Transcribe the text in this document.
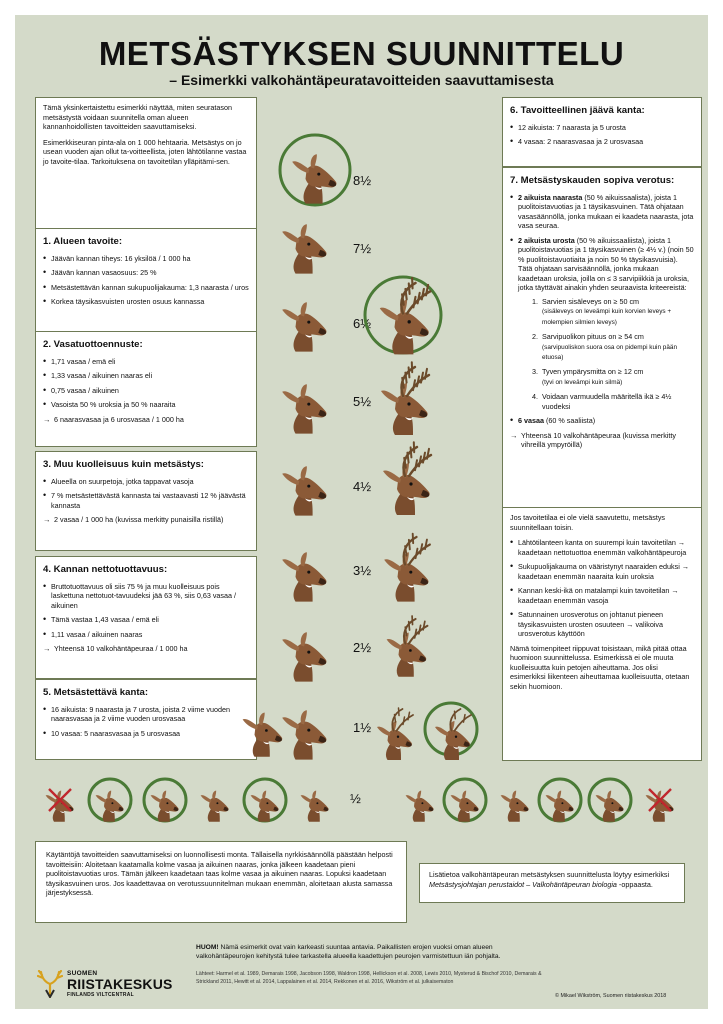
METSÄSTYKSEN SUUNNITTELU
– Esimerkki valkohäntäpeuratavoitteiden saavuttamisesta

Tämä yksinkertaistettu esimerkki näyttää, miten seuratason metsästystä voidaan suunnitella oman alueen kannanhoidollisten tavoitteiden saavuttamiseksi.

Esimerkkiseuran pinta-ala on 1 000 hehtaaria. Metsästys on jo usean vuoden ajan ollut ta-voitteellista, joten lähtötilanne vastaa jo tavoite-tilaa. Tarkoituksena on tavoitetilan ylläpitämi-sen.

1. Alueen tavoite:
• Jäävän kannan tiheys: 16 yksilöä / 1 000 ha
• Jäävän kannan vasaosuus: 25 %
• Metsästettävän kannan sukupuolijakauma: 1,3 naarasta / uros
• Korkea täysikasvuisten urosten osuus kannassa
2. Vasatuottoennuste:
• 1,71 vasaa / emä eli
• 1,33 vasaa / aikuinen naaras eli
• 0,75 vasaa / aikuinen
• Vasoista 50 % uroksia ja 50 % naaraita
→ 6 naarasvasaa ja 6 urosvasaa / 1 000 ha
3. Muu kuolleisuus kuin metsästys:
• Alueella on suurpetoja, jotka tappavat vasoja
• 7 % metsästettävästä kannasta tai vastaavasti 12 % jäävästä kannasta
→ 2 vasaa / 1 000 ha (kuvissa merkitty punaisilla ristillä)
4. Kannan nettotuottavuus:
• Bruttotuottavuus oli siis 75 % ja muu kuolleisuus pois laskettuna nettotuot-tavuudeksi jää 63 %, siis 0,63 vasaa / aikuinen
• Tämä vastaa 1,43 vasaa / emä eli
• 1,11 vasaa / aikuinen naaras
→ Yhteensä 10 valkohäntäpeuraa / 1 000 ha
5. Metsästettävä kanta:
• 16 aikuista: 9 naarasta ja 7 urosta, joista 2 viime vuoden naarasvasaa ja 2 viime vuoden urosvasaa
• 10 vasaa: 5 naarasvasaa ja 5 urosvasaa
6. Tavoitteellinen jäävä kanta:
• 12 aikuista: 7 naarasta ja 5 urosta
• 4 vasaa: 2 naarasvasaa ja 2 urosvasaa
7. Metsästyskauden sopiva verotus:
• 2 aikuista naarasta (50 % aikuissaalista), joista 1 puolitoistavuotias ja 1 täysikasvuinen. Tätä ohjataan vasasäännöllä, jonka mukaan ei kaadeta naarasta, jota vasa seuraa.
• 2 aikuista urosta (50 % aikuissaaliista), joista 1 puolitoistavuotias ja 1 täysikasvuinen (≥ 4½ v.) (noin 50 % puolitoistavuotiaita ja noin 50 % täysikasvuisia). Tätä ohjataan sarvisäännöllä, jonka mukaan kaadetaan uroksia, joilla on ≤ 3 sarvipiikkiä ja uroksia, jotka täyttävät ainakin yhden seuraavista kriteereistä:
1. Sarvien sisäleveys on ≥ 50 cm
(sisäleveys on leveämpi kuin korvien leveys + molempien silmien leveys)
2. Sarvipuolikon pituus on ≥ 54 cm
(sarvipuoliskon suora osa on pidempi kuin pään etuosa)
3. Tyven ympärysmitta on ≥ 12 cm
(tyvi on leveämpi kuin silmä)
4. Voidaan varmuudella määritellä ikä ≥ 4½ vuodeksi
• 6 vasaa (60 % saaliista)
→ Yhteensä 10 valkohäntäpeuraa (kuvissa merkitty vihreillä ympyröillä)

Jos tavoitetilaa ei ole vielä saavutettu, metsästys suunnitellaan toisin.

• Lähtötilanteen kanta on suurempi kuin tavoitetilan → kaadetaan nettotuottoa enemmän valkohäntäpeuroja
• Sukupuolijakauma on vääristynyt naaraiden eduksi → kaadetaan enemmän naaraita kuin uroksia
• Kannan keski-ikä on matalampi kuin tavoitetilan → kaadetaan enemmän vasoja
• Satunnainen urosverotus on johtanut pieneen täysikasvuisten urosten osuuteen → valikoiva urosverotus käyttöön

Nämä toimenpiteet riippuvat toisistaan, mikä pitää ottaa huomioon suunnittelussa. Esimerkissä ei ole muuta kuolleisuutta kuin petojen aiheuttama. Jos olisi esimerkiksi liikenteen aiheuttamaa kuolleisuutta, otetaan sekin huomioon.

Käytäntöjä tavoitteiden saavuttamiseksi on luonnollisesti monta. Tällaisella nyrkkisäännöllä päästään helposti tavoitteisiin: Aloitetaan kaatamalla kolme vasaa ja aikuinen naaras, jonka jälkeen kaadetaan pieni puolitoistavuotias uros. Tämän jälkeen kaadetaan taas kolme vasaa ja aikuinen naaras. Lopuksi kaadetaan täysikasvuinen uros. Jos kaadettavaa on verotussuunnitelman mukaan enemmän, aloitetaan alusta samassa järjestyksessä.

Lisätietoa valkohäntäpeuran metsästyksen suunnittelusta löytyy esimerkiksi Metsästysjohtajan perustaidot – Valkohäntäpeuran biologia -oppaasta.

8½
7½
6½
5½
4½
3½
2½
1½
½
HUOM! Nämä esimerkit ovat vain karkeasti suuntaa antavia. Paikallisten erojen vuoksi oman alueen valkohäntäpeurojen kehitystä tulee tarkastella alueella kaadettujen peurojen varmistettuun iän pohjalta.
Lähteet: Harmel et al. 1989, Demarais 1998, Jacobson 1998, Waldron 1998, Hellickson et al. 2008, Lewis 2010, Mysterud & Bischof 2010, Demarais & Strickland 2011, Hewitt et al. 2014, Lappalainen et al. 2014, Rekkonen et al. 2016, Wikström et al. julkaisematon
SUOMEN
RIISTAKESKUS
FINLANDS VILTCENTRAL	© Mikael Wikström, Suomen riistakeskus 2018
